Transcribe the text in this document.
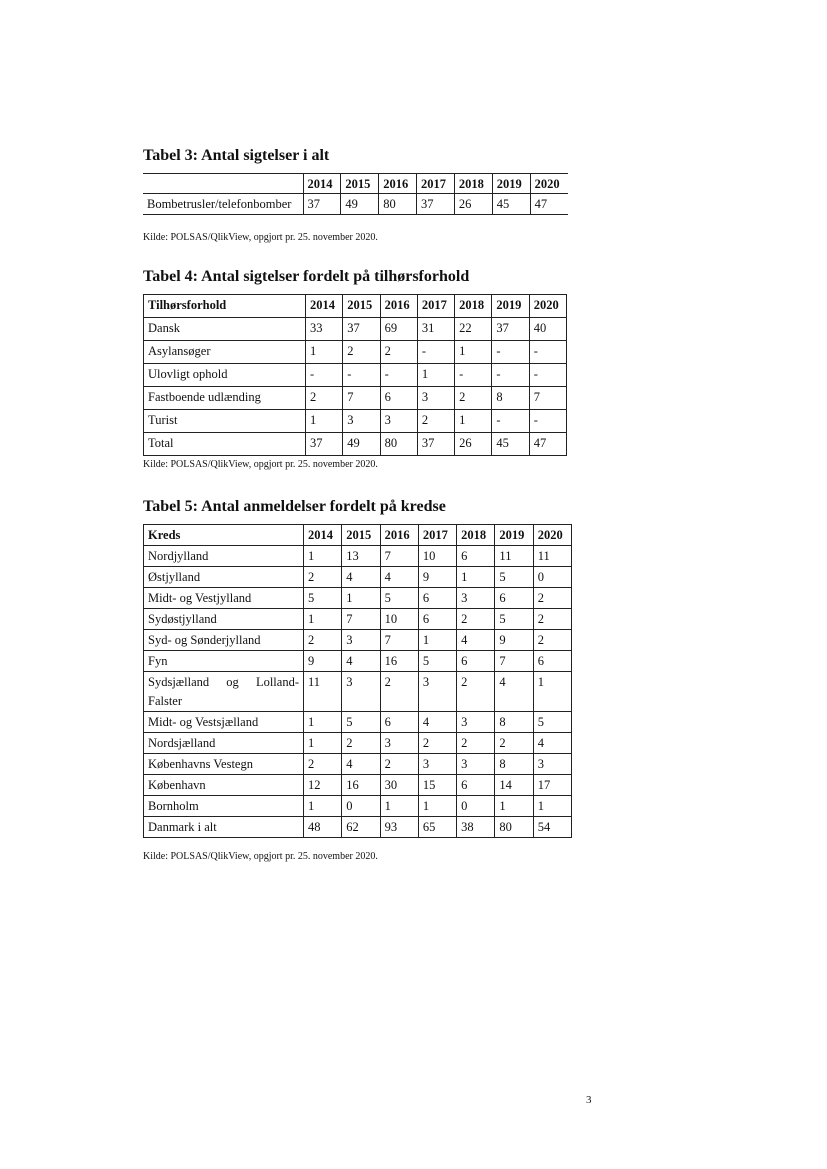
Tabel 3: Antal sigtelser i alt
	2014	2015	2016	2017	2018	2019	2020
Bombetrusler/telefonbomber	37	49	80	37	26	45	47

Kilde: POLSAS/QlikView, opgjort pr. 25. november 2020.

Tabel 4: Antal sigtelser fordelt på tilhørsforhold
Tilhørsforhold	2014	2015	2016	2017	2018	2019	2020
Dansk	33	37	69	31	22	37	40
Asylansøger	1	2	2	-	1	-	-
Ulovligt ophold	-	-	-	1	-	-	-
Fastboende udlænding	2	7	6	3	2	8	7
Turist	1	3	3	2	1	-	-
Total	37	49	80	37	26	45	47

Kilde: POLSAS/QlikView, opgjort pr. 25. november 2020.

Tabel 5: Antal anmeldelser fordelt på kredse
Kreds	2014	2015	2016	2017	2018	2019	2020
Nordjylland	1	13	7	10	6	11	11
Østjylland	2	4	4	9	1	5	0
Midt- og Vestjylland	5	1	5	6	3	6	2
Sydøstjylland	1	7	10	6	2	5	2
Syd- og Sønderjylland	2	3	7	1	4	9	2
Fyn	9	4	16	5	6	7	6
Sydsjælland og Lolland-Falster	11	3	2	3	2	4	1
Midt- og Vestsjælland	1	5	6	4	3	8	5
Nordsjælland	1	2	3	2	2	2	4
Københavns Vestegn	2	4	2	3	3	8	3
København	12	16	30	15	6	14	17
Bornholm	1	0	1	1	0	1	1
Danmark i alt	48	62	93	65	38	80	54

Kilde: POLSAS/QlikView, opgjort pr. 25. november 2020.

3
